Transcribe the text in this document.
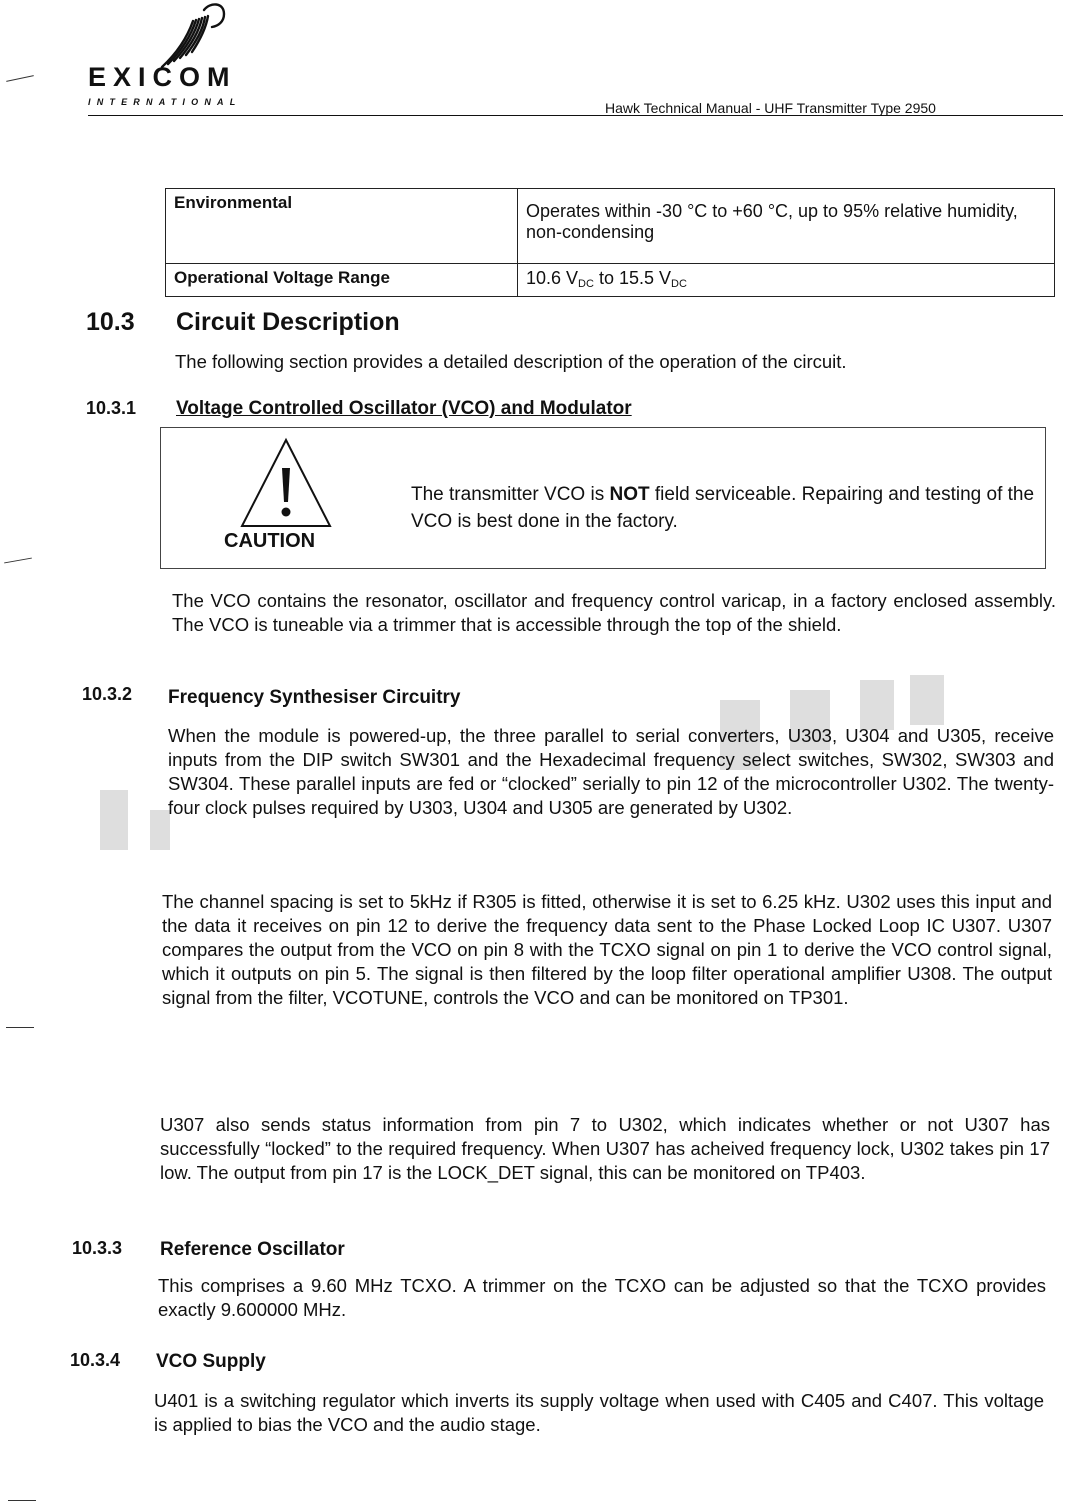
EXICOM
INTERNATIONAL	Hawk Technical Manual - UHF Transmitter Type 2950
Environmental	Operates within -30 °C to +60 °C, up to 95% relative humidity, non-condensing
Operational Voltage Range	10.6 $V_{DC}$ to 15.5 $V_{DC}$
10.3 Circuit Description
The following section provides a detailed description of the operation of the circuit.
10.3.1 Voltage Controlled Oscillator (VCO) and Modulator
CAUTION
The transmitter VCO is NOT field serviceable. Repairing and testing of the VCO is best done in the factory.
The VCO contains the resonator, oscillator and frequency control varicap, in a factory enclosed assembly. The VCO is tuneable via a trimmer that is accessible through the top of the shield.
10.3.2 Frequency Synthesiser Circuitry
When the module is powered-up, the three parallel to serial converters, U303, U304 and U305, receive inputs from the DIP switch SW301 and the Hexadecimal frequency select switches, SW302, SW303 and SW304. These parallel inputs are fed or “clocked” serially to pin 12 of the microcontroller U302. The twenty-four clock pulses required by U303, U304 and U305 are generated by U302.
The channel spacing is set to 5kHz if R305 is fitted, otherwise it is set to 6.25 kHz. U302 uses this input and the data it receives on pin 12 to derive the frequency data sent to the Phase Locked Loop IC U307. U307 compares the output from the VCO on pin 8 with the TCXO signal on pin 1 to derive the VCO control signal, which it outputs on pin 5. The signal is then filtered by the loop filter operational amplifier U308. The output signal from the filter, VCOTUNE, controls the VCO and can be monitored on TP301.
U307 also sends status information from pin 7 to U302, which indicates whether or not U307 has successfully “locked” to the required frequency. When U307 has acheived frequency lock, U302 takes pin 17 low. The output from pin 17 is the LOCK_DET signal, this can be monitored on TP403.
10.3.3 Reference Oscillator
This comprises a 9.60 MHz TCXO. A trimmer on the TCXO can be adjusted so that the TCXO provides exactly 9.600000 MHz.
10.3.4 VCO Supply
U401 is a switching regulator which inverts its supply voltage when used with C405 and C407. This voltage is applied to bias the VCO and the audio stage.
